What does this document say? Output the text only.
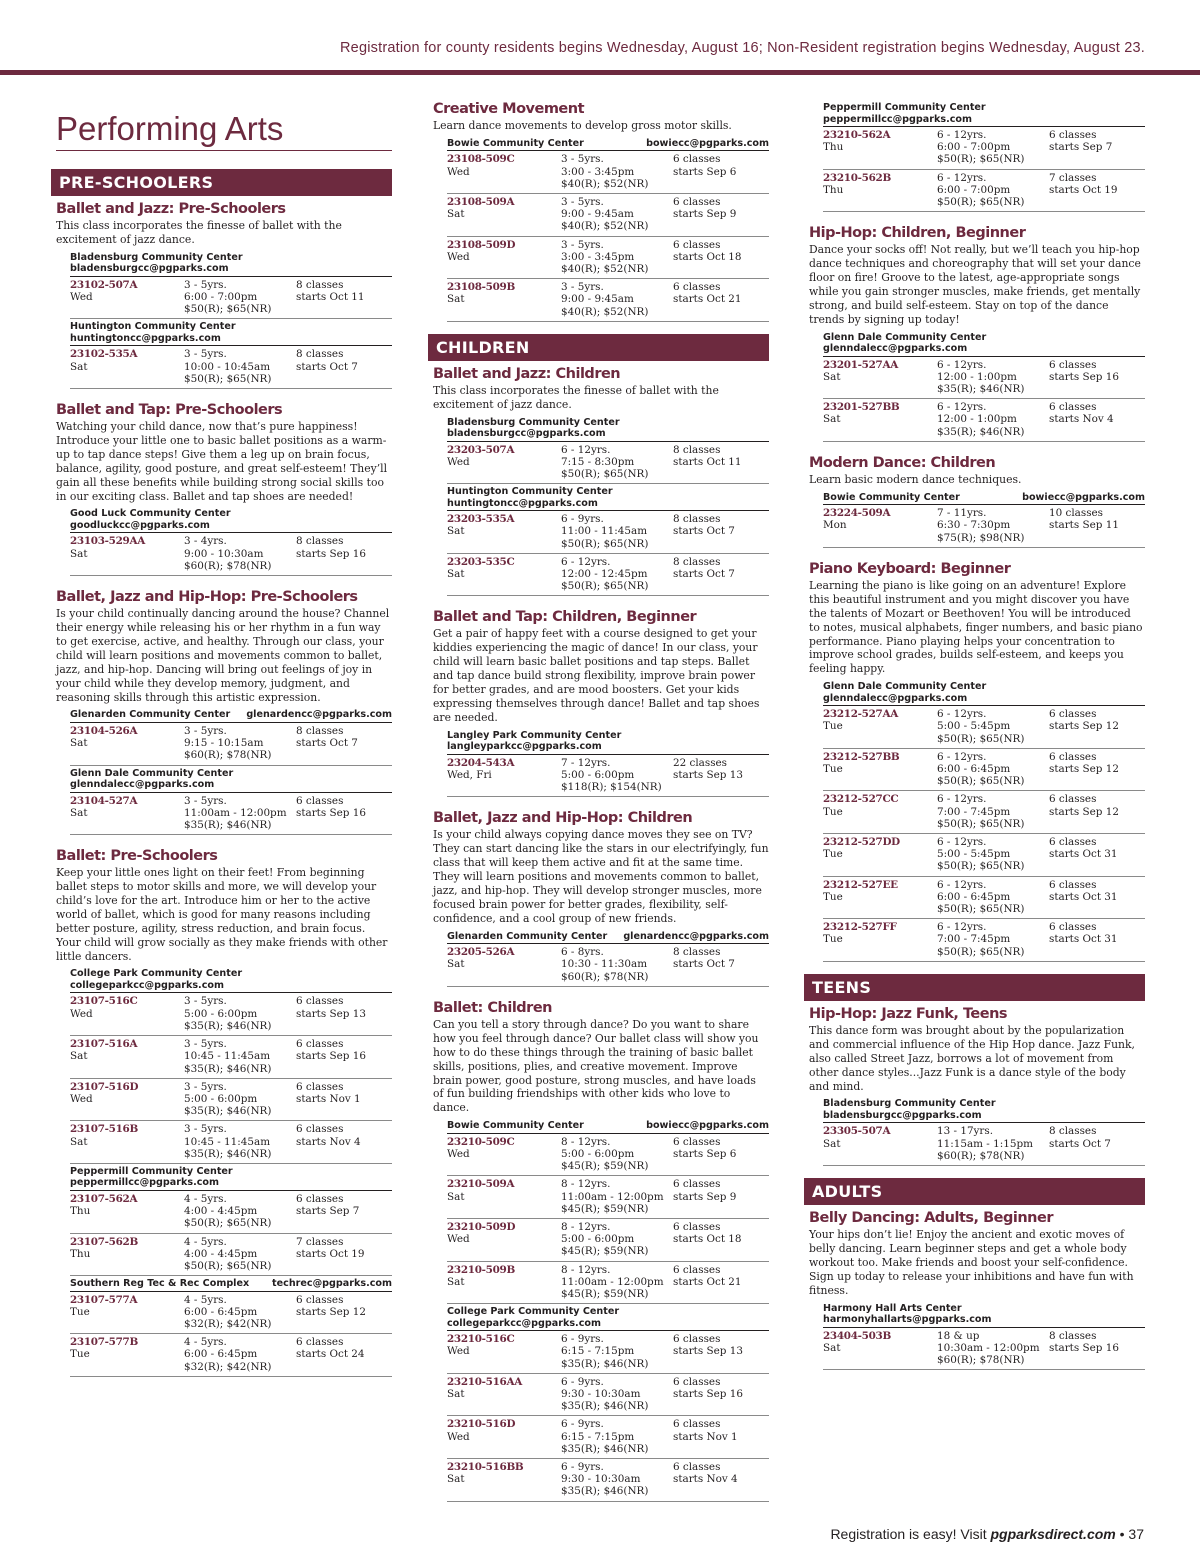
Registration for county residents begins Wednesday, August 16; Non-Resident registration begins Wednesday, August 23.
Performing Arts
PRE-SCHOOLERS
Ballet and Jazz: Pre-Schoolers
This class incorporates the finesse of ballet with the excitement of jazz dance.
Bladensburg Community Center
bladensburgcc@pgparks.com
23102-507A	3 - 5yrs.	8 classes
Wed	6:00 - 7:00pm	starts Oct 11
$50(R); $65(NR)
Huntington Community Center
huntingtoncc@pgparks.com
23102-535A	3 - 5yrs.	8 classes
Sat	10:00 - 10:45am	starts Oct 7
$50(R); $65(NR)
Ballet and Tap: Pre-Schoolers
Watching your child dance, now that’s pure happiness! Introduce your little one to basic ballet positions as a warm-up to tap dance steps! Give them a leg up on brain focus, balance, agility, good posture, and great self-esteem! They’ll gain all these benefits while building strong social skills too in our exciting class. Ballet and tap shoes are needed!
Good Luck Community Center
goodluckcc@pgparks.com
23103-529AA	3 - 4yrs.	8 classes
Sat	9:00 - 10:30am	starts Sep 16
$60(R); $78(NR)
Ballet, Jazz and Hip-Hop: Pre-Schoolers
Is your child continually dancing around the house? Channel their energy while releasing his or her rhythm in a fun way to get exercise, active, and healthy. Through our class, your child will learn positions and movements common to ballet, jazz, and hip-hop. Dancing will bring out feelings of joy in your child while they develop memory, judgment, and reasoning skills through this artistic expression.
Glenarden Community Center glenardencc@pgparks.com
23104-526A	3 - 5yrs.	8 classes
Sat	9:15 - 10:15am	starts Oct 7
$60(R); $78(NR)
Glenn Dale Community Center
glenndalecc@pgparks.com
23104-527A	3 - 5yrs.	6 classes
Sat	11:00am - 12:00pm starts Sep 16
$35(R); $46(NR)
Ballet: Pre-Schoolers
Keep your little ones light on their feet! From beginning ballet steps to motor skills and more, we will develop your child’s love for the art. Introduce him or her to the active world of ballet, which is good for many reasons including better posture, agility, stress reduction, and brain focus. Your child will grow socially as they make friends with other little dancers.
College Park Community Center
collegeparkcc@pgparks.com
23107-516C	3 - 5yrs.	6 classes
Wed	5:00 - 6:00pm	starts Sep 13
$35(R); $46(NR)
23107-516A	3 - 5yrs.	6 classes
Sat	10:45 - 11:45am	starts Sep 16
$35(R); $46(NR)
23107-516D	3 - 5yrs.	6 classes
Wed	5:00 - 6:00pm	starts Nov 1
$35(R); $46(NR)
23107-516B	3 - 5yrs.	6 classes
Sat	10:45 - 11:45am	starts Nov 4
$35(R); $46(NR)
Peppermill Community Center
peppermillcc@pgparks.com
23107-562A	4 - 5yrs.	6 classes
Thu	4:00 - 4:45pm	starts Sep 7
$50(R); $65(NR)
23107-562B	4 - 5yrs.	7 classes
Thu	4:00 - 4:45pm	starts Oct 19
$50(R); $65(NR)
Southern Reg Tec & Rec Complex techrec@pgparks.com
23107-577A	4 - 5yrs.	6 classes
Tue	6:00 - 6:45pm	starts Sep 12
$32(R); $42(NR)
23107-577B	4 - 5yrs.	6 classes
Tue	6:00 - 6:45pm	starts Oct 24
$32(R); $42(NR)
Creative Movement
Learn dance movements to develop gross motor skills.
Bowie Community Center	bowiecc@pgparks.com
23108-509C	3 - 5yrs.	6 classes
Wed	3:00 - 3:45pm	starts Sep 6
$40(R); $52(NR)
23108-509A	3 - 5yrs.	6 classes
Sat	9:00 - 9:45am	starts Sep 9
$40(R); $52(NR)
23108-509D	3 - 5yrs.	6 classes
Wed	3:00 - 3:45pm	starts Oct 18
$40(R); $52(NR)
23108-509B	3 - 5yrs.	6 classes
Sat	9:00 - 9:45am	starts Oct 21
$40(R); $52(NR)
CHILDREN
Ballet and Jazz: Children
This class incorporates the finesse of ballet with the excitement of jazz dance.
Bladensburg Community Center
bladensburgcc@pgparks.com
23203-507A	6 - 12yrs.	8 classes
Wed	7:15 - 8:30pm	starts Oct 11
$50(R); $65(NR)
Huntington Community Center
huntingtoncc@pgparks.com
23203-535A	6 - 9yrs.	8 classes
Sat	11:00 - 11:45am	starts Oct 7
$50(R); $65(NR)
23203-535C	6 - 12yrs.	8 classes
Sat	12:00 - 12:45pm	starts Oct 7
$50(R); $65(NR)
Ballet and Tap: Children, Beginner
Get a pair of happy feet with a course designed to get your kiddies experiencing the magic of dance! In our class, your child will learn basic ballet positions and tap steps. Ballet and tap dance build strong flexibility, improve brain power for better grades, and are mood boosters. Get your kids expressing themselves through dance! Ballet and tap shoes are needed.
Langley Park Community Center
langleyparkcc@pgparks.com
23204-543A	7 - 12yrs.	22 classes
Wed, Fri	5:00 - 6:00pm	starts Sep 13
$118(R); $154(NR)
Ballet, Jazz and Hip-Hop: Children
Is your child always copying dance moves they see on TV? They can start dancing like the stars in our electrifyingly, fun class that will keep them active and fit at the same time. They will learn positions and movements common to ballet, jazz, and hip-hop. They will develop stronger muscles, more focused brain power for better grades, flexibility, self-confidence, and a cool group of new friends.
Glenarden Community Center glenardencc@pgparks.com
23205-526A	6 - 8yrs.	8 classes
Sat	10:30 - 11:30am	starts Oct 7
$60(R); $78(NR)
Ballet: Children
Can you tell a story through dance? Do you want to share how you feel through dance? Our ballet class will show you how to do these things through the training of basic ballet skills, positions, plies, and creative movement. Improve brain power, good posture, strong muscles, and have loads of fun building friendships with other kids who love to dance.
Bowie Community Center	bowiecc@pgparks.com
23210-509C	8 - 12yrs.	6 classes
Wed	5:00 - 6:00pm	starts Sep 6
$45(R); $59(NR)
23210-509A	8 - 12yrs.	6 classes
Sat	11:00am - 12:00pm starts Sep 9
$45(R); $59(NR)
23210-509D	8 - 12yrs.	6 classes
Wed	5:00 - 6:00pm	starts Oct 18
$45(R); $59(NR)
23210-509B	8 - 12yrs.	6 classes
Sat	11:00am - 12:00pm starts Oct 21
$45(R); $59(NR)
College Park Community Center
collegeparkcc@pgparks.com
23210-516C	6 - 9yrs.	6 classes
Wed	6:15 - 7:15pm	starts Sep 13
$35(R); $46(NR)
23210-516AA	6 - 9yrs.	6 classes
Sat	9:30 - 10:30am	starts Sep 16
$35(R); $46(NR)
23210-516D	6 - 9yrs.	6 classes
Wed	6:15 - 7:15pm	starts Nov 1
$35(R); $46(NR)
23210-516BB	6 - 9yrs.	6 classes
Sat	9:30 - 10:30am	starts Nov 4
$35(R); $46(NR)
Peppermill Community Center
peppermillcc@pgparks.com
23210-562A	6 - 12yrs.	6 classes
Thu	6:00 - 7:00pm	starts Sep 7
$50(R); $65(NR)
23210-562B	6 - 12yrs.	7 classes
Thu	6:00 - 7:00pm	starts Oct 19
$50(R); $65(NR)
Hip-Hop: Children, Beginner
Dance your socks off! Not really, but we’ll teach you hip-hop dance techniques and choreography that will set your dance floor on fire! Groove to the latest, age-appropriate songs while you gain stronger muscles, make friends, get mentally strong, and build self-esteem. Stay on top of the dance trends by signing up today!
Glenn Dale Community Center
glenndalecc@pgparks.com
23201-527AA	6 - 12yrs.	6 classes
Sat	12:00 - 1:00pm	starts Sep 16
$35(R); $46(NR)
23201-527BB	6 - 12yrs.	6 classes
Sat	12:00 - 1:00pm	starts Nov 4
$35(R); $46(NR)
Modern Dance: Children
Learn basic modern dance techniques.
Bowie Community Center	bowiecc@pgparks.com
23224-509A	7 - 11yrs.	10 classes
Mon	6:30 - 7:30pm	starts Sep 11
$75(R); $98(NR)
Piano Keyboard: Beginner
Learning the piano is like going on an adventure! Explore this beautiful instrument and you might discover you have the talents of Mozart or Beethoven! You will be introduced to notes, musical alphabets, finger numbers, and basic piano performance. Piano playing helps your concentration to improve school grades, builds self-esteem, and keeps you feeling happy.
Glenn Dale Community Center
glenndalecc@pgparks.com
23212-527AA	6 - 12yrs.	6 classes
Tue	5:00 - 5:45pm	starts Sep 12
$50(R); $65(NR)
23212-527BB	6 - 12yrs.	6 classes
Tue	6:00 - 6:45pm	starts Sep 12
$50(R); $65(NR)
23212-527CC	6 - 12yrs.	6 classes
Tue	7:00 - 7:45pm	starts Sep 12
$50(R); $65(NR)
23212-527DD	6 - 12yrs.	6 classes
Tue	5:00 - 5:45pm	starts Oct 31
$50(R); $65(NR)
23212-527EE	6 - 12yrs.	6 classes
Tue	6:00 - 6:45pm	starts Oct 31
$50(R); $65(NR)
23212-527FF	6 - 12yrs.	6 classes
Tue	7:00 - 7:45pm	starts Oct 31
$50(R); $65(NR)
TEENS
Hip-Hop: Jazz Funk, Teens
This dance form was brought about by the popularization and commercial influence of the Hip Hop dance. Jazz Funk, also called Street Jazz, borrows a lot of movement from other dance styles...Jazz Funk is a dance style of the body and mind.
Bladensburg Community Center
bladensburgcc@pgparks.com
23305-507A	13 - 17yrs.	8 classes
Sat	11:15am - 1:15pm	starts Oct 7
$60(R); $78(NR)
ADULTS
Belly Dancing: Adults, Beginner
Your hips don’t lie! Enjoy the ancient and exotic moves of belly dancing. Learn beginner steps and get a whole body workout too. Make friends and boost your self-confidence. Sign up today to release your inhibitions and have fun with fitness.
Harmony Hall Arts Center
harmonyhallarts@pgparks.com
23404-503B	18 & up	8 classes
Sat	10:30am - 12:00pm starts Sep 16
$60(R); $78(NR)
Registration is easy! Visit pgparksdirect.com • 37
